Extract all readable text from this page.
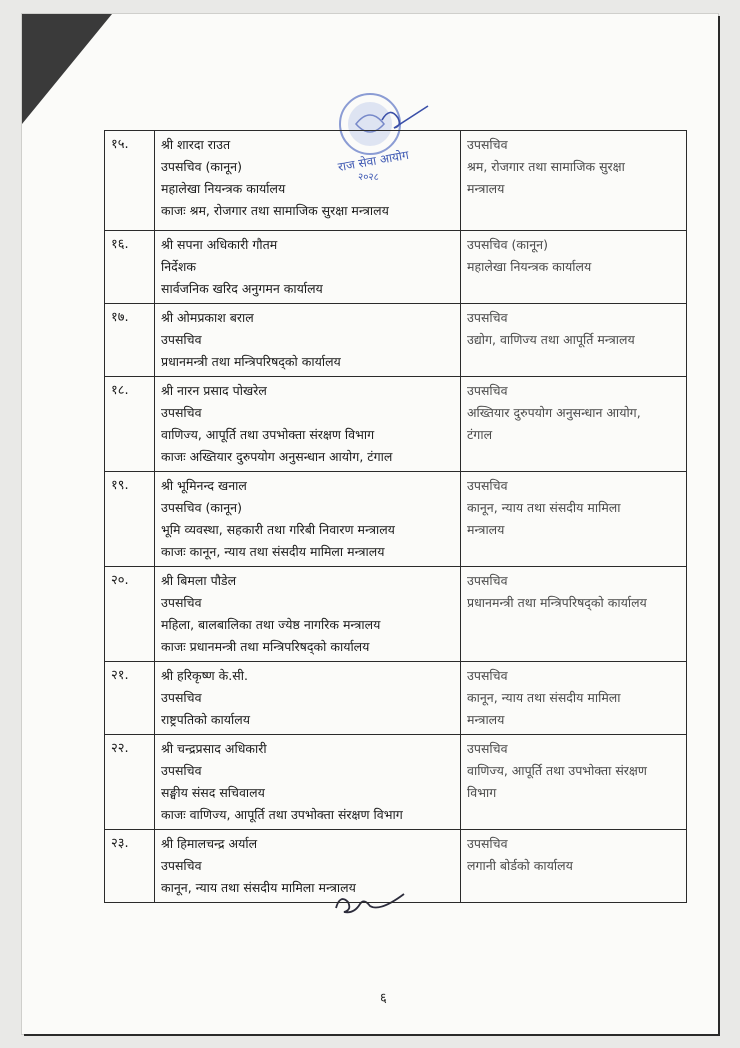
राज सेवा आयोग
२०२८
६
१५.	श्री शारदा राउत
उपसचिव (कानून)
महालेखा नियन्त्रक कार्यालय
काजः श्रम, रोजगार तथा सामाजिक सुरक्षा मन्त्रालय	उपसचिव
श्रम, रोजगार तथा सामाजिक सुरक्षा
मन्त्रालय

१६.	श्री सपना अधिकारी गौतम
निर्देशक
सार्वजनिक खरिद अनुगमन कार्यालय	उपसचिव (कानून)
महालेखा नियन्त्रक कार्यालय

१७.	श्री ओमप्रकाश बराल
उपसचिव
प्रधानमन्त्री तथा मन्त्रिपरिषद्को कार्यालय	उपसचिव
उद्योग, वाणिज्य तथा आपूर्ति मन्त्रालय

१८.	श्री नारन प्रसाद पोखरेल
उपसचिव
वाणिज्य, आपूर्ति तथा उपभोक्ता संरक्षण विभाग
काजः अख्तियार दुरुपयोग अनुसन्धान आयोग, टंगाल	उपसचिव
अख्तियार दुरुपयोग अनुसन्धान आयोग,
टंगाल

१९.	श्री भूमिनन्द खनाल
उपसचिव (कानून)
भूमि व्यवस्था, सहकारी तथा गरिबी निवारण मन्त्रालय
काजः कानून, न्याय तथा संसदीय मामिला मन्त्रालय	उपसचिव
कानून, न्याय तथा संसदीय मामिला
मन्त्रालय

२०.	श्री बिमला पौडेल
उपसचिव
महिला, बालबालिका तथा ज्येष्ठ नागरिक मन्त्रालय
काजः प्रधानमन्त्री तथा मन्त्रिपरिषद्को कार्यालय	उपसचिव
प्रधानमन्त्री तथा मन्त्रिपरिषद्को कार्यालय

२१.	श्री हरिकृष्ण के.सी.
उपसचिव
राष्ट्रपतिको कार्यालय	उपसचिव
कानून, न्याय तथा संसदीय मामिला
मन्त्रालय

२२.	श्री चन्द्रप्रसाद अधिकारी
उपसचिव
सङ्घीय संसद सचिवालय
काजः वाणिज्य, आपूर्ति तथा उपभोक्ता संरक्षण विभाग	उपसचिव
वाणिज्य, आपूर्ति तथा उपभोक्ता संरक्षण
विभाग

२३.	श्री हिमालचन्द्र अर्याल
उपसचिव
कानून, न्याय तथा संसदीय मामिला मन्त्रालय	उपसचिव
लगानी बोर्डको कार्यालय
